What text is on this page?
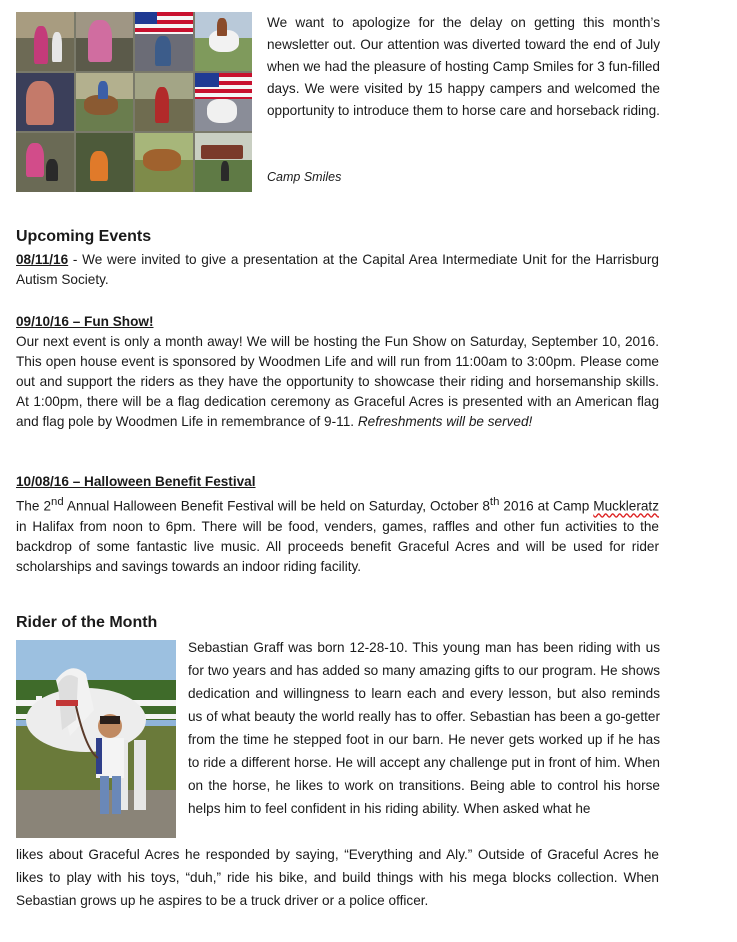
We want to apologize for the delay on getting this month’s newsletter out. Our attention was diverted toward the end of July when we had the pleasure of hosting Camp Smiles for 3 fun-filled days. We were visited by 15 happy campers and welcomed the opportunity to introduce them to horse care and horseback riding.
Camp Smiles
Upcoming Events
08/11/16 - We were invited to give a presentation at the Capital Area Intermediate Unit for the Harrisburg Autism Society.
09/10/16 – Fun Show!
Our next event is only a month away! We will be hosting the Fun Show on Saturday, September 10, 2016. This open house event is sponsored by Woodmen Life and will run from 11:00am to 3:00pm. Please come out and support the riders as they have the opportunity to showcase their riding and horsemanship skills. At 1:00pm, there will be a flag dedication ceremony as Graceful Acres is presented with an American flag and flag pole by Woodmen Life in remembrance of 9-11. Refreshments will be served!
10/08/16 – Halloween Benefit Festival
The 2nd Annual Halloween Benefit Festival will be held on Saturday, October 8th 2016 at Camp Muckleratz in Halifax from noon to 6pm. There will be food, venders, games, raffles and other fun activities to the backdrop of some fantastic live music. All proceeds benefit Graceful Acres and will be used for rider scholarships and savings towards an indoor riding facility.
Rider of the Month
Sebastian Graff was born 12-28-10. This young man has been riding with us for two years and has added so many amazing gifts to our program. He shows dedication and willingness to learn each and every lesson, but also reminds us of what beauty the world really has to offer. Sebastian has been a go-getter from the time he stepped foot in our barn. He never gets worked up if he has to ride a different horse. He will accept any challenge put in front of him. When on the horse, he likes to work on transitions. Being able to control his horse helps him to feel confident in his riding ability. When asked what he
likes about Graceful Acres he responded by saying, “Everything and Aly.” Outside of Graceful Acres he likes to play with his toys, “duh,” ride his bike, and build things with his mega blocks collection. When Sebastian grows up he aspires to be a truck driver or a police officer.
